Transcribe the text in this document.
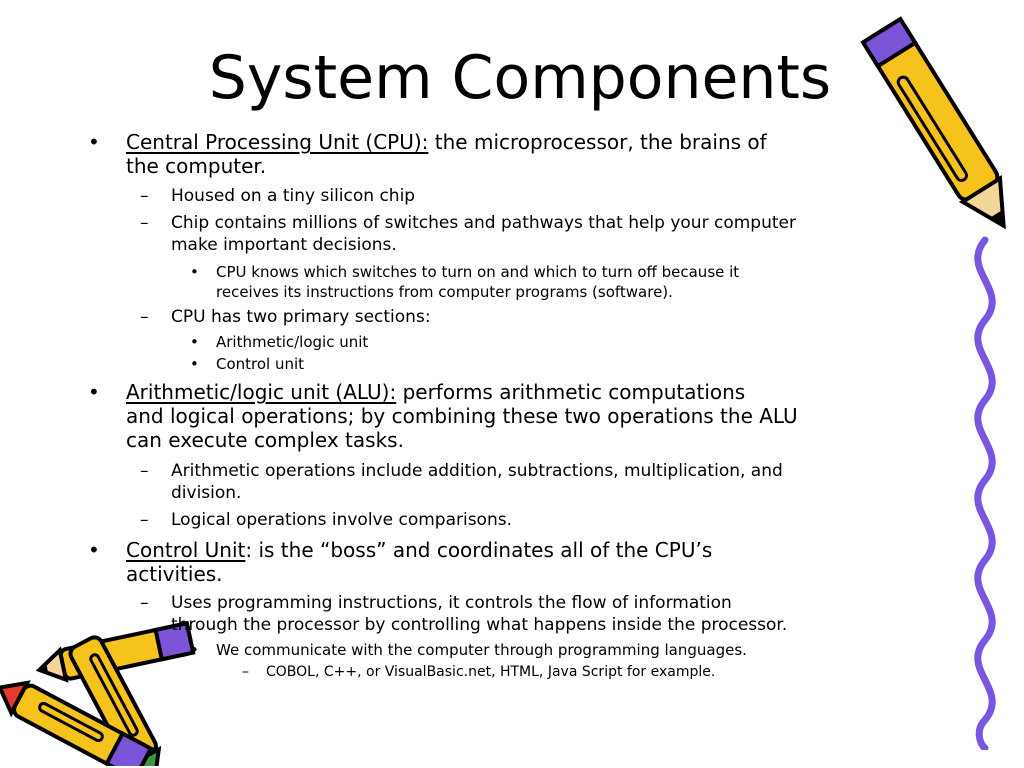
System Components
• Central Processing Unit (CPU): the microprocessor, the brains of
the computer.
– Housed on a tiny silicon chip
– Chip contains millions of switches and pathways that help your computer
make important decisions.
• CPU knows which switches to turn on and which to turn off because it
receives its instructions from computer programs (software).
– CPU has two primary sections:
• Arithmetic/logic unit
• Control unit
• Arithmetic/logic unit (ALU): performs arithmetic computations
and logical operations; by combining these two operations the ALU
can execute complex tasks.
– Arithmetic operations include addition, subtractions, multiplication, and
division.
– Logical operations involve comparisons.
• Control Unit: is the “boss” and coordinates all of the CPU’s
activities.
– Uses programming instructions, it controls the flow of information
through the processor by controlling what happens inside the processor.
• We communicate with the computer through programming languages.
– COBOL, C++, or VisualBasic.net, HTML, Java Script for example.
